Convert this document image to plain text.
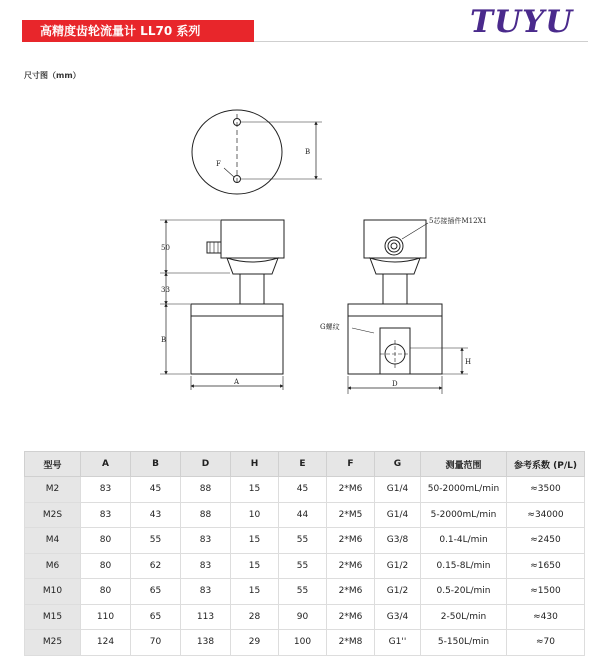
高精度齿轮流量计 LL70 系列	TUYU
尺寸图（mm）
B
F
50
33
B
A
5芯接插件M12X1
G螺纹
H
D
型号	A	B	D	H	E	F	G	测量范围	参考系数 (P/L)
M2	83	45	88	15	45	2*M6	G1/4	50-2000mL/min	≈3500
M2S	83	43	88	10	44	2*M5	G1/4	5-2000mL/min	≈34000
M4	80	55	83	15	55	2*M6	G3/8	0.1-4L/min	≈2450
M6	80	62	83	15	55	2*M6	G1/2	0.15-8L/min	≈1650
M10	80	65	83	15	55	2*M6	G1/2	0.5-20L/min	≈1500
M15	110	65	113	28	90	2*M6	G3/4	2-50L/min	≈430
M25	124	70	138	29	100	2*M8	G1''	5-150L/min	≈70
